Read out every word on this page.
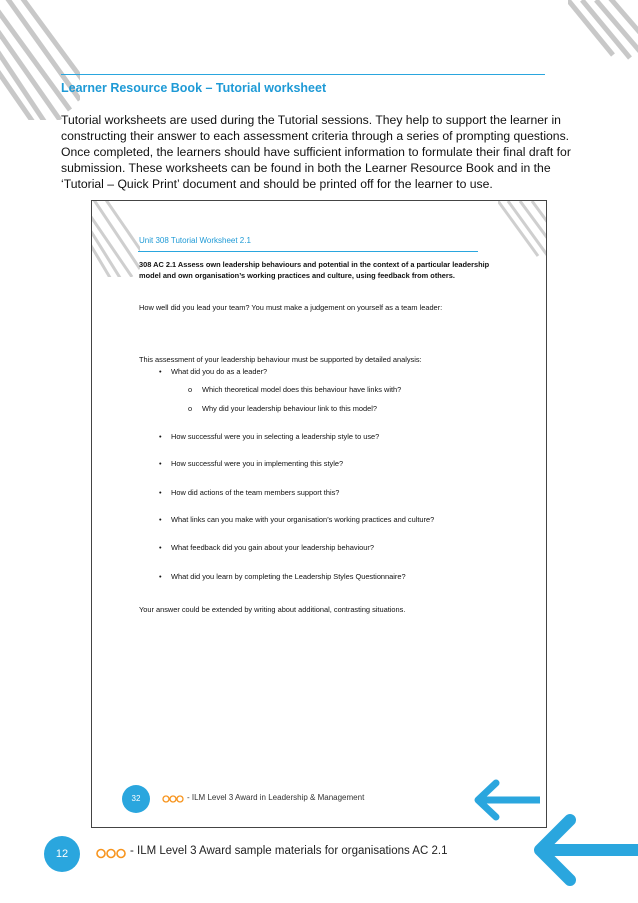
Learner Resource Book – Tutorial worksheet
Tutorial worksheets are used during the Tutorial sessions. They help to support the learner in constructing their answer to each assessment criteria through a series of prompting questions. Once completed, the learners should have sufficient information to formulate their final draft for submission. These worksheets can be found in both the Learner Resource Book and in the ‘Tutorial – Quick Print’ document and should be printed off for the learner to use.
Unit 308 Tutorial Worksheet 2.1
308 AC 2.1 Assess own leadership behaviours and potential in the context of a particular leadership model and own organisation’s working practices and culture, using feedback from others.
How well did you lead your team? You must make a judgement on yourself as a team leader:
This assessment of your leadership behaviour must be supported by detailed analysis:
• What did you do as a leader?
o Which theoretical model does this behaviour have links with?
o Why did your leadership behaviour link to this model?
• How successful were you in selecting a leadership style to use?
• How successful were you in implementing this style?
• How did actions of the team members support this?
• What links can you make with your organisation’s working practices and culture?
• What feedback did you gain about your leadership behaviour?
• What did you learn by completing the Leadership Styles Questionnaire?
Your answer could be extended by writing about additional, contrasting situations.
32	- ILM Level 3 Award in Leadership & Management
12	- ILM Level 3 Award sample materials for organisations AC 2.1
